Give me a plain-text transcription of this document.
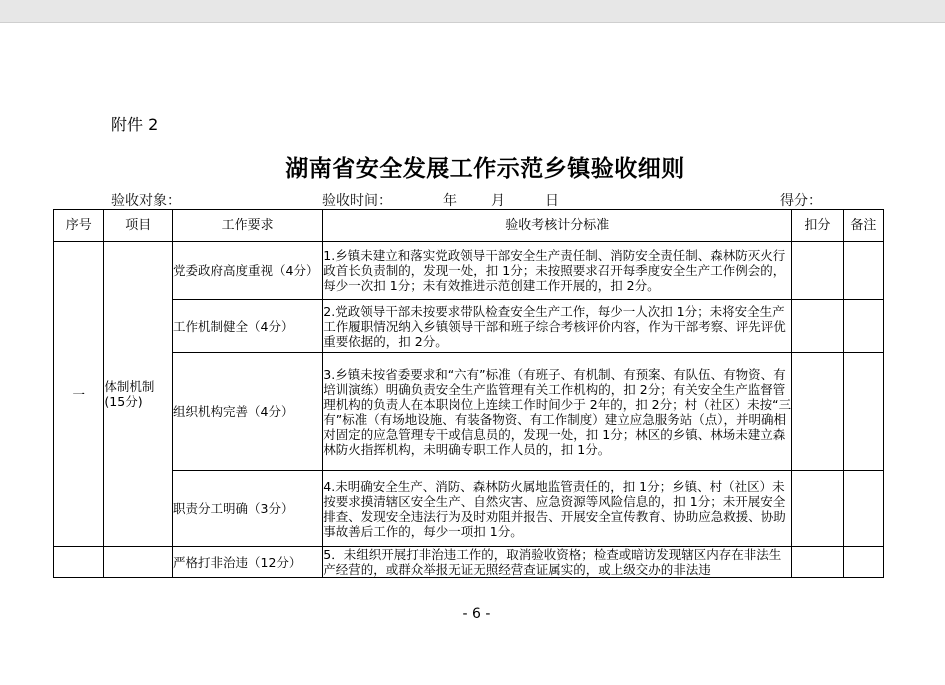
附件 2
湖南省安全发展工作示范乡镇验收细则
验收对象：	验收时间：	年 月	日	得分：
序号	项目	工作要求	验收考核计分标准	扣分	备注
一	体制机制(15分)	党委政府高度重视（4分）	1.乡镇未建立和落实党政领导干部安全生产责任制、消防安全责任制、森林防灭火行政首长负责制的，发现一处，扣 1分；未按照要求召开每季度安全生产工作例会的，每少一次扣 1分；未有效推进示范创建工作开展的，扣 2分。		
		工作机制健全（4分）	2.党政领导干部未按要求带队检查安全生产工作，每少一人次扣 1分；未将安全生产工作履职情况纳入乡镇领导干部和班子综合考核评价内容，作为干部考察、评先评优重要依据的，扣 2分。		
		组织机构完善（4分）	3.乡镇未按省委要求和“六有”标准（有班子、有机制、有预案、有队伍、有物资、有培训演练）明确负责安全生产监管理有关工作机构的，扣 2分；有关安全生产监督管理机构的负责人在本职岗位上连续工作时间少于 2年的，扣 2分；村（社区）未按“三有”标准（有场地设施、有装备物资、有工作制度）建立应急服务站（点），并明确相对固定的应急管理专干或信息员的，发现一处，扣 1分；林区的乡镇、林场未建立森林防火指挥机构，未明确专职工作人员的，扣 1分。		
		职责分工明确（3分）	4.未明确安全生产、消防、森林防火属地监管责任的，扣 1分；乡镇、村（社区）未按要求摸清辖区安全生产、自然灾害、应急资源等风险信息的，扣 1分；未开展安全排查、发现安全违法行为及时劝阻并报告、开展安全宣传教育、协助应急救援、协助事故善后工作的，每少一项扣 1分。		
		严格打非治违（12分）	5．未组织开展打非治违工作的，取消验收资格；检查或暗访发现辖区内存在非法生产经营的，或群众举报无证无照经营查证属实的，或上级交办的非法违		

- 6 -
